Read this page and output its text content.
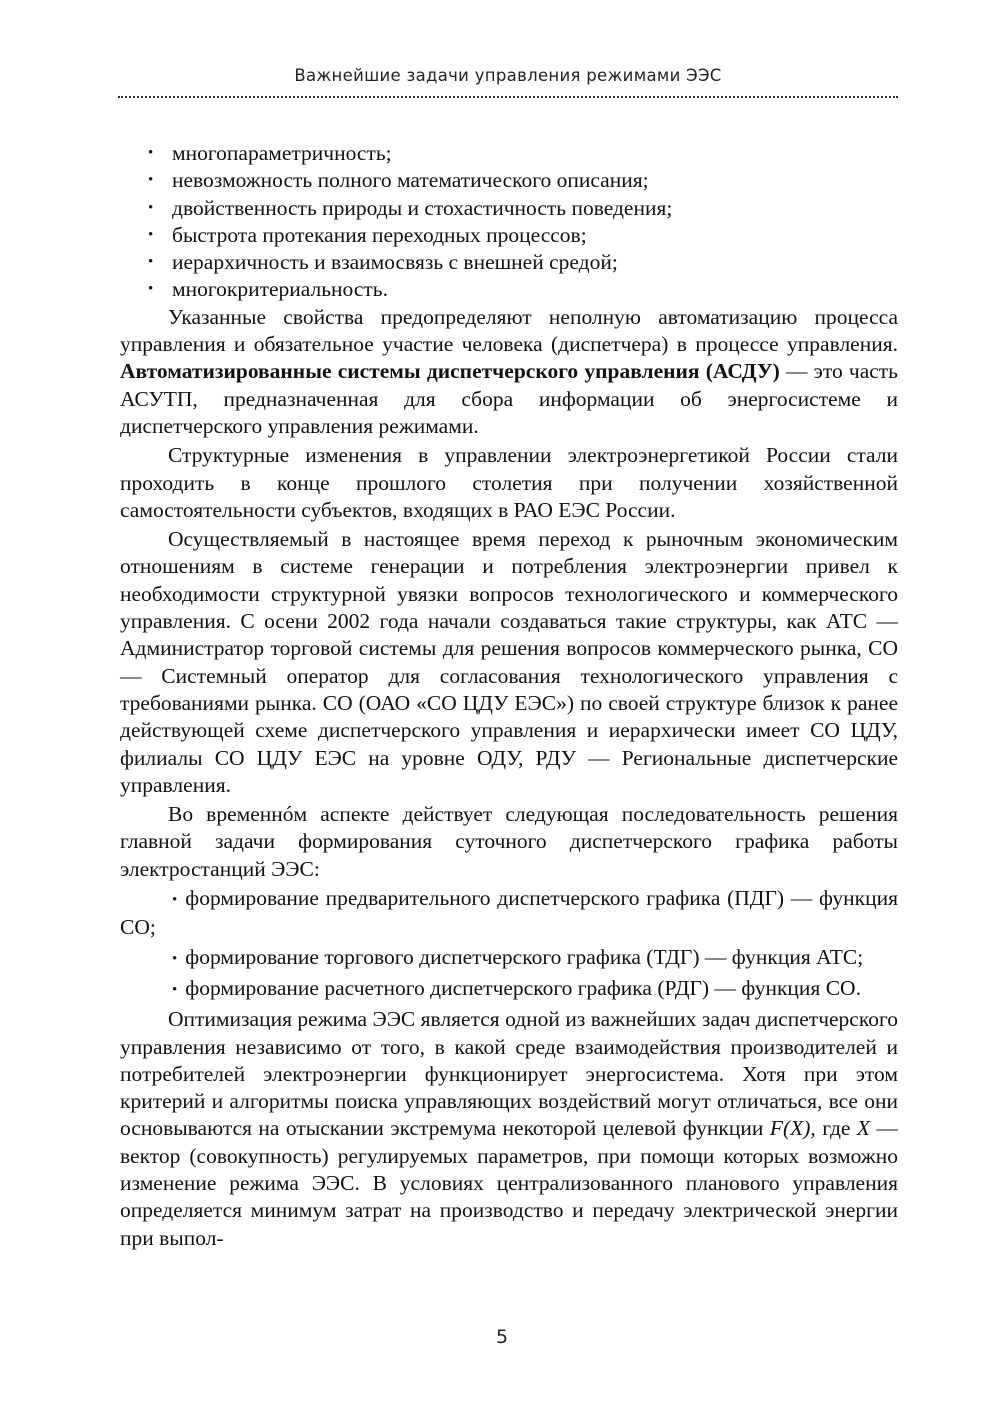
Важнейшие задачи управления режимами ЭЭС
• многопараметричность;
• невозможность полного математического описания;
• двойственность природы и стохастичность поведения;
• быстрота протекания переходных процессов;
• иерархичность и взаимосвязь с внешней средой;
• многокритериальность.

Указанные свойства предопределяют неполную автоматизацию процесса управления и обязательное участие человека (диспетчера) в процессе управления. Автоматизированные системы диспетчерского управления (АСДУ) — это часть АСУТП, предназначенная для сбора информации об энергосистеме и диспетчерского управления режимами.

Структурные изменения в управлении электроэнергетикой России стали проходить в конце прошлого столетия при получении хозяйственной самостоятельности субъектов, входящих в РАО ЕЭС России.

Осуществляемый в настоящее время переход к рыночным экономическим отношениям в системе генерации и потребления электроэнергии привел к необходимости структурной увязки вопросов технологического и коммерческого управления. С осени 2002 года начали создаваться такие структуры, как АТС — Администратор торговой системы для решения вопросов коммерческого рынка, СО — Системный оператор для согласования технологического управления с требованиями рынка. СО (ОАО «СО ЦДУ ЕЭС») по своей структуре близок к ранее действующей схеме диспетчерского управления и иерархически имеет СО ЦДУ, филиалы СО ЦДУ ЕЭС на уровне ОДУ, РДУ — Региональные диспетчерские управления.

Во временнóм аспекте действует следующая последовательность решения главной задачи формирования суточного диспетчерского графика работы электростанций ЭЭС:

• формирование предварительного диспетчерского графика (ПДГ) — функция СО;

• формирование торгового диспетчерского графика (ТДГ) — функция АТС;

• формирование расчетного диспетчерского графика (РДГ) — функция СО.

Оптимизация режима ЭЭС является одной из важнейших задач диспетчерского управления независимо от того, в какой среде взаимодействия производителей и потребителей электроэнергии функционирует энергосистема. Хотя при этом критерий и алгоритмы поиска управляющих воздействий могут отличаться, все они основываются на отыскании экстремума некоторой целевой функции F(X), где X — вектор (совокупность) регулируемых параметров, при помощи которых возможно изменение режима ЭЭС. В условиях централизованного планового управления определяется минимум затрат на производство и передачу электрической энергии при выпол-

5
